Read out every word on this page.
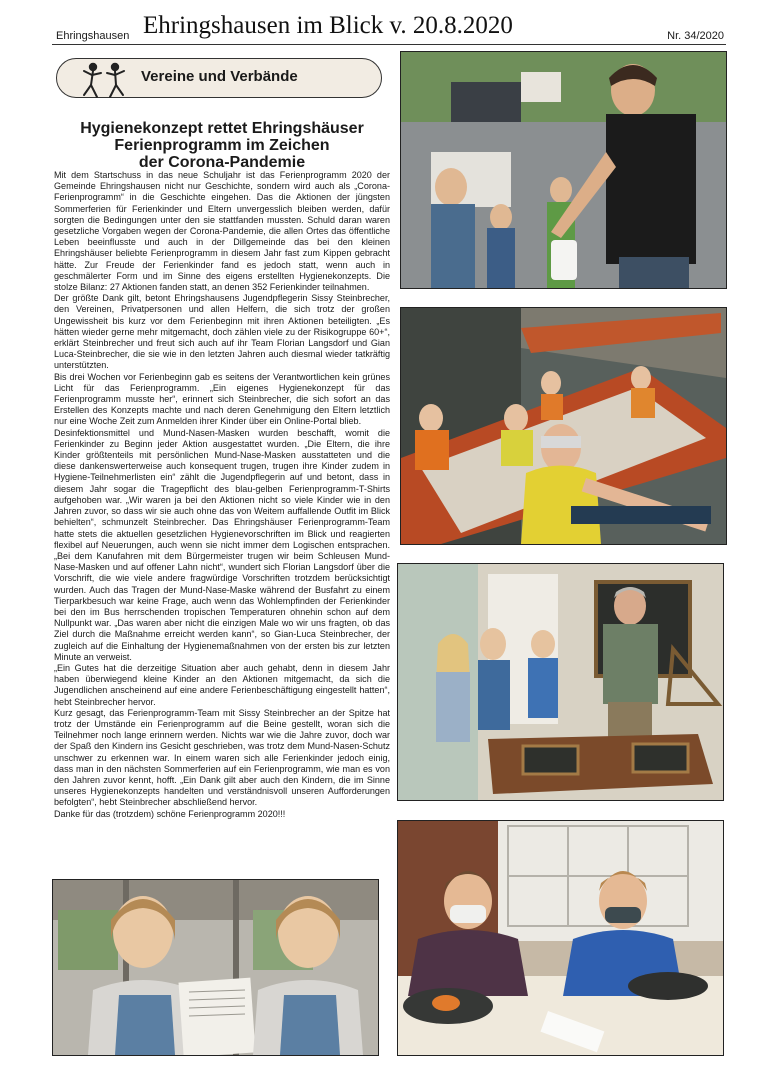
Ehringshausen Ehringshausen im Blick v. 20.8.2020	Nr. 34/2020
Vereine und Verbände
Hygienekonzept rettet Ehringshäuser
Ferienprogramm im Zeichen
der Corona-Pandemie

Mit dem Startschuss in das neue Schuljahr ist das Ferienprogramm 2020 der Gemeinde Ehringshausen nicht nur Geschichte, sondern wird auch als „Corona-Ferienprogramm“ in die Geschichte eingehen. Das die Aktionen der jüngsten Sommerferien für Ferienkinder und Eltern unvergesslich bleiben werden, dafür sorgten die Bedingungen unter den sie stattfanden mussten. Schuld daran waren gesetzliche Vorgaben wegen der Corona-Pandemie, die allen Ortes das öffentliche Leben beeinflusste und auch in der Dillgemeinde das bei den kleinen Ehringshäuser beliebte Ferienprogramm in diesem Jahr fast zum Kippen gebracht hätte. Zur Freude der Ferienkinder fand es jedoch statt, wenn auch in geschmälerter Form und im Sinne des eigens erstellten Hygienekonzepts. Die stolze Bilanz: 27 Aktionen fanden statt, an denen 352 Ferienkinder teilnahmen.

Der größte Dank gilt, betont Ehringshausens Jugendpflegerin Sissy Steinbrecher, den Vereinen, Privatpersonen und allen Helfern, die sich trotz der großen Ungewissheit bis kurz vor dem Ferienbeginn mit ihren Aktionen beteiligten. „Es hätten wieder gerne mehr mitgemacht, doch zählen viele zu der Risikogruppe 60+“, erklärt Steinbrecher und freut sich auch auf ihr Team Florian Langsdorf und Gian Luca-Steinbrecher, die sie wie in den letzten Jahren auch diesmal wieder tatkräftig unterstützten.

Bis drei Wochen vor Ferienbeginn gab es seitens der Verantwortlichen kein grünes Licht für das Ferienprogramm. „Ein eigenes Hygienekonzept für das Ferienprogramm musste her“, erinnert sich Steinbrecher, die sich sofort an das Erstellen des Konzepts machte und nach deren Genehmigung den Eltern letztlich nur eine Woche Zeit zum Anmelden ihrer Kinder über ein Online-Portal blieb.

Desinfektionsmittel und Mund-Nasen-Masken wurden beschafft, womit die Ferienkinder zu Beginn jeder Aktion ausgestattet wurden. „Die Eltern, die ihre Kinder größtenteils mit persönlichen Mund-Nase-Masken ausstatteten und die diese dankenswerterweise auch konsequent trugen, trugen ihre Kinder zudem in Hygiene-Teilnehmerlisten ein“ zählt die Jugendpflegerin auf und betont, dass in diesem Jahr sogar die Tragepflicht des blau-gelben Ferienprogramm-T-Shirts aufgehoben war. „Wir waren ja bei den Aktionen nicht so viele Kinder wie in den Jahren zuvor, so dass wir sie auch ohne das von Weitem auffallende Outfit im Blick behielten“, schmunzelt Steinbrecher. Das Ehringshäuser Ferienprogramm-Team hatte stets die aktuellen gesetzlichen Hygienevorschriften im Blick und reagierten flexibel auf Neuerungen, auch wenn sie nicht immer dem Logischen entsprachen. „Bei dem Kanufahren mit dem Bürgermeister trugen wir beim Schleusen Mund-Nase-Masken und auf offener Lahn nicht“, wundert sich Florian Langsdorf über die Vorschrift, die wie viele andere fragwürdige Vorschriften trotzdem berücksichtigt wurden. Auch das Tragen der Mund-Nase-Maske während der Busfahrt zu einem Tierparkbesuch war keine Frage, auch wenn das Wohlempfinden der Ferienkinder bei den im Bus herrschenden tropischen Temperaturen ohnehin schon auf dem Nullpunkt war. „Das waren aber nicht die einzigen Male wo wir uns fragten, ob das Ziel durch die Maßnahme erreicht werden kann“, so Gian-Luca Steinbrecher, der zugleich auf die Einhaltung der Hygienemaßnahmen von der ersten bis zur letzten Minute an verweist.

„Ein Gutes hat die derzeitige Situation aber auch gehabt, denn in diesem Jahr haben überwiegend kleine Kinder an den Aktionen mitgemacht, da sich die Jugendlichen anscheinend auf eine andere Ferienbeschäftigung eingestellt hatten“, hebt Steinbrecher hervor.

Kurz gesagt, das Ferienprogramm-Team mit Sissy Steinbrecher an der Spitze hat trotz der Umstände ein Ferienprogramm auf die Beine gestellt, woran sich die Teilnehmer noch lange erinnern werden. Nichts war wie die Jahre zuvor, doch war der Spaß den Kindern ins Gesicht geschrieben, was trotz dem Mund-Nasen-Schutz unschwer zu erkennen war. In einem waren sich alle Ferienkinder jedoch einig, dass man in den nächsten Sommerferien auf ein Ferienprogramm, wie man es von den Jahren zuvor kennt, hofft. „Ein Dank gilt aber auch den Kindern, die im Sinne unseres Hygienekonzepts handelten und verständnisvoll unseren Aufforderungen befolgten“, hebt Steinbrecher abschließend hervor.

Danke für das (trotzdem) schöne Ferienprogramm 2020!!!
